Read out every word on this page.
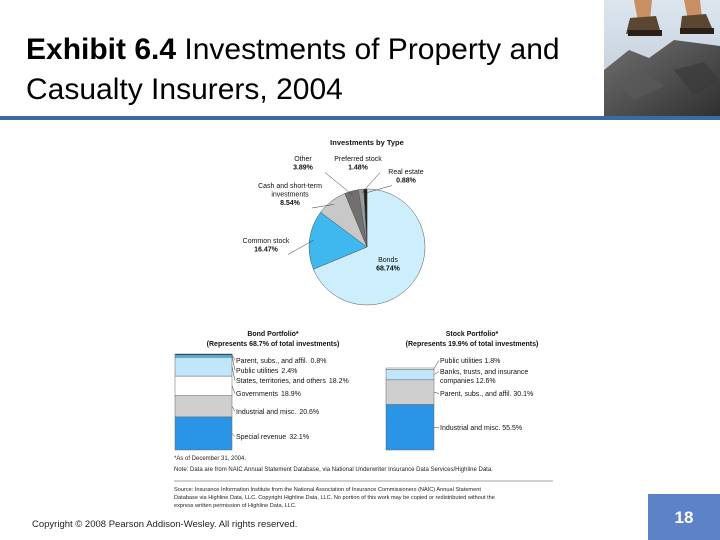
Exhibit 6.4 Investments of Property and Casualty Insurers, 2004
Investments by Type
Bonds
68.74%
Common stock
16.47%
Cash and short-term
investments
8.54%
Other
3.89%
Preferred stock
1.48%
Real estate
0.88%
Bond Portfolio*
(Represents 68.7% of total investments)
Special revenue 32.1%
Industrial and misc. 20.6%
Governments 18.9%
States, territories, and others 18.2%
Public utilities 2.4%
Parent, subs., and affil. 0.8%
Stock Portfolio*
(Represents 19.9% of total investments)
Industrial and misc. 55.5%
Parent, subs., and affil. 30.1%
Banks, trusts, and insurance
companies 12.6%
Public utilities 1.8%
*As of December 31, 2004.
Note: Data are from NAIC Annual Statement Database, via National Underwriter Insurance Data Services/Highline Data.
Source: Insurance Information Institute from the National Association of Insurance Commissioners (NAIC) Annual Statement
Database via Highline Data, LLC. Copyright Highline Data, LLC. No portion of this work may be copied or redistributed without the
express written permission of Highline Data, LLC.
Copyright © 2008 Pearson Addison-Wesley. All rights reserved.	18
